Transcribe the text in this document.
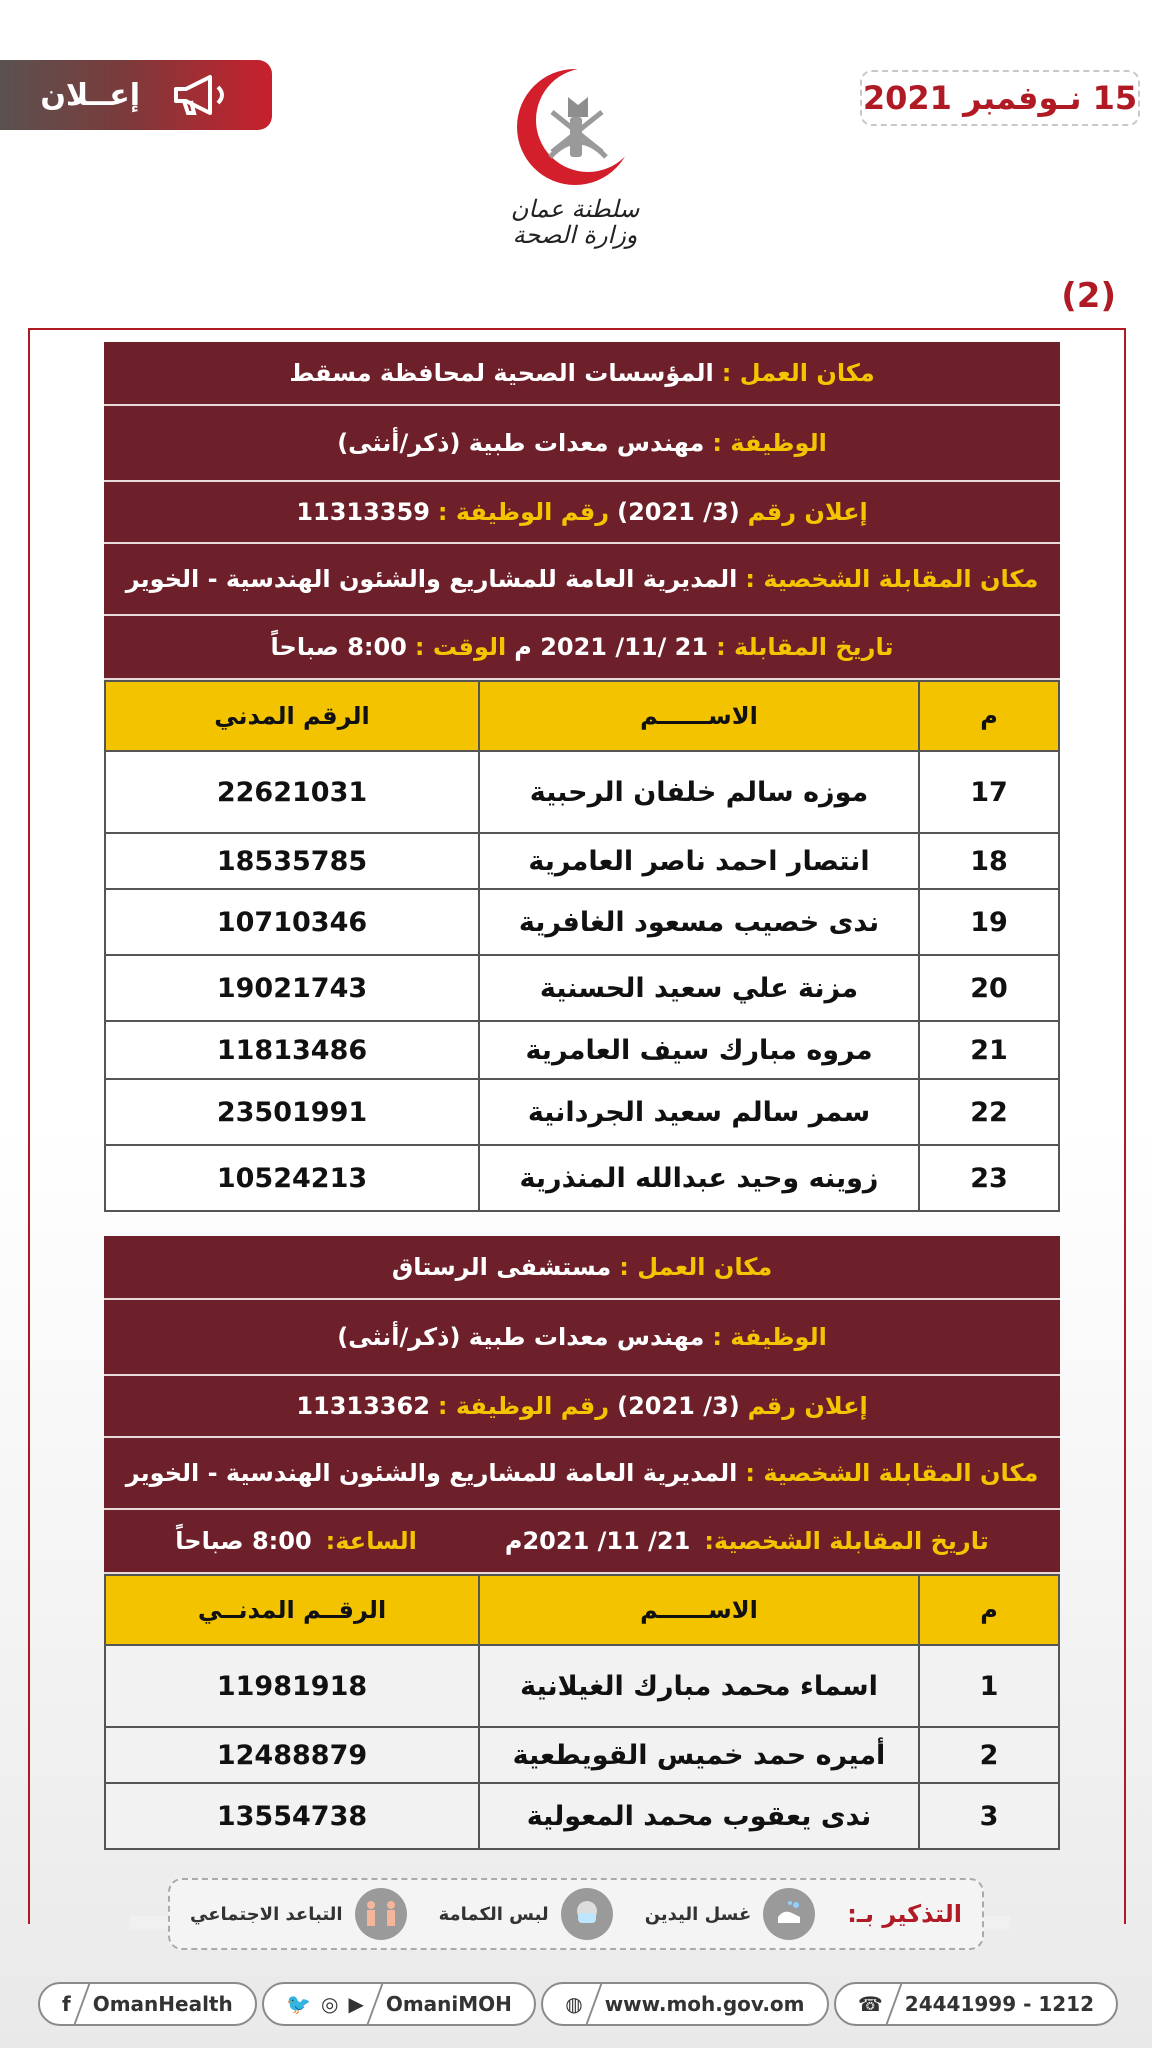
إعــلان	15 نـوفمبر 2021
سلطنة عمان
وزارة الصحة
(2)
مكان العمل :
المؤسسات الصحية لمحافظة مسقط
الوظيفة :
مهندس معدات طبية (ذكر/أنثى)
إعلان رقم
(3/ 2021)
رقم الوظيفة :
11313359
مكان المقابلة الشخصية :
المديرية العامة للمشاريع والشئون الهندسية - الخوير
تاريخ المقابلة :
21 /11/ 2021 م
الوقت :
8:00 صباحاً
م	الاســــــم	الرقم المدني
17	موزه سالم خلفان الرحبية	22621031
18	انتصار احمد ناصر العامرية	18535785
19	ندى خصيب مسعود الغافرية	10710346
20	مزنة علي سعيد الحسنية	19021743
21	مروه مبارك سيف العامرية	11813486
22	سمر سالم سعيد الجردانية	23501991
23	زوينه وحيد عبدالله المنذرية	10524213
مكان العمل :
مستشفى الرستاق
الوظيفة :
مهندس معدات طبية (ذكر/أنثى)
إعلان رقم
(3/ 2021)
رقم الوظيفة :
11313362
مكان المقابلة الشخصية :
المديرية العامة للمشاريع والشئون الهندسية - الخوير
تاريخ المقابلة الشخصية:
21/ 11/ 2021م
الساعة:
8:00 صباحاً
م	الاســــــم	الرقــم المدنــي
1	اسماء محمد مبارك الغيلانية	11981918
2	أميره حمد خميس القويطعية	12488879
3	ندى يعقوب محمد المعولية	13554738
التذكير بـ:
غسل اليدين
لبس الكمامة
التباعد الاجتماعي
f OmanHealth	🐦 ◎ ▶ OmaniMOH	◍ www.moh.gov.om	☎ 24441999 - 1212
